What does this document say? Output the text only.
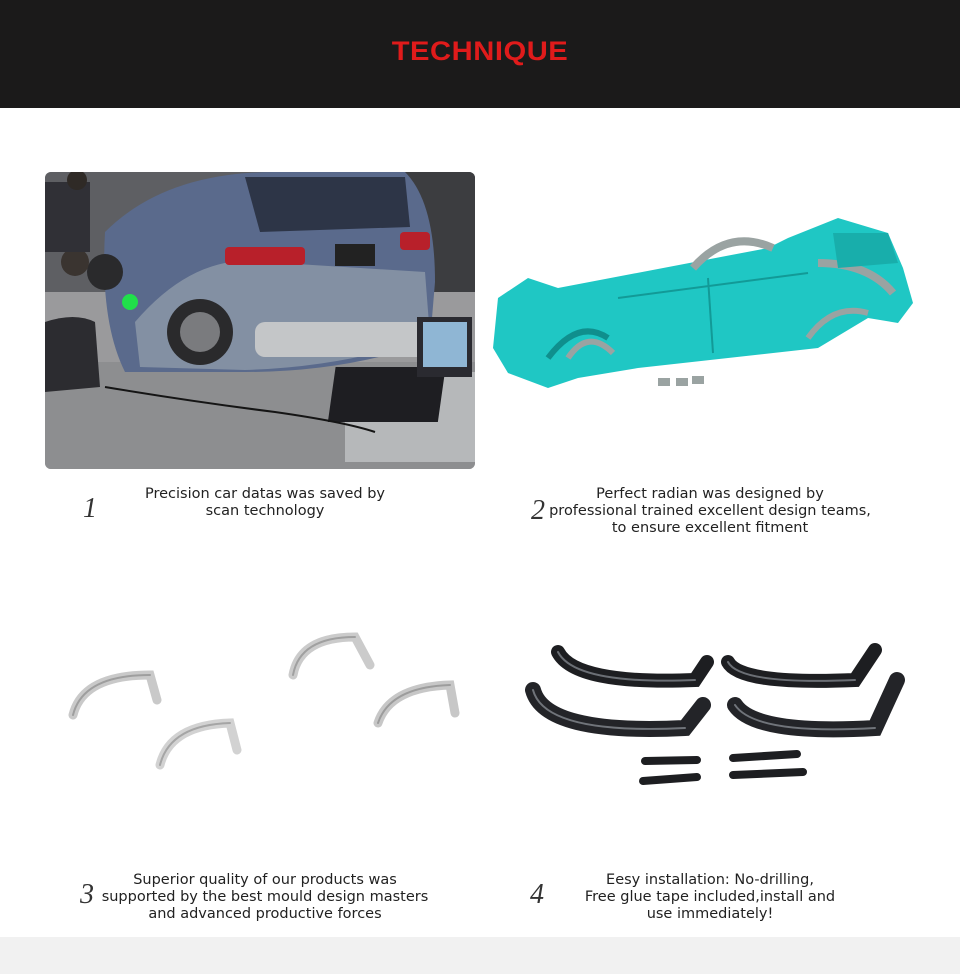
TECHNIQUE
1	2
3	4
Precision car datas was saved by
scan technology
Perfect radian was designed by
professional trained excellent design teams,
to ensure excellent fitment
Superior quality of our products was
supported by the best mould design masters
and advanced productive forces
Eesy installation: No-drilling,
Free glue tape included,install and
use immediately!
